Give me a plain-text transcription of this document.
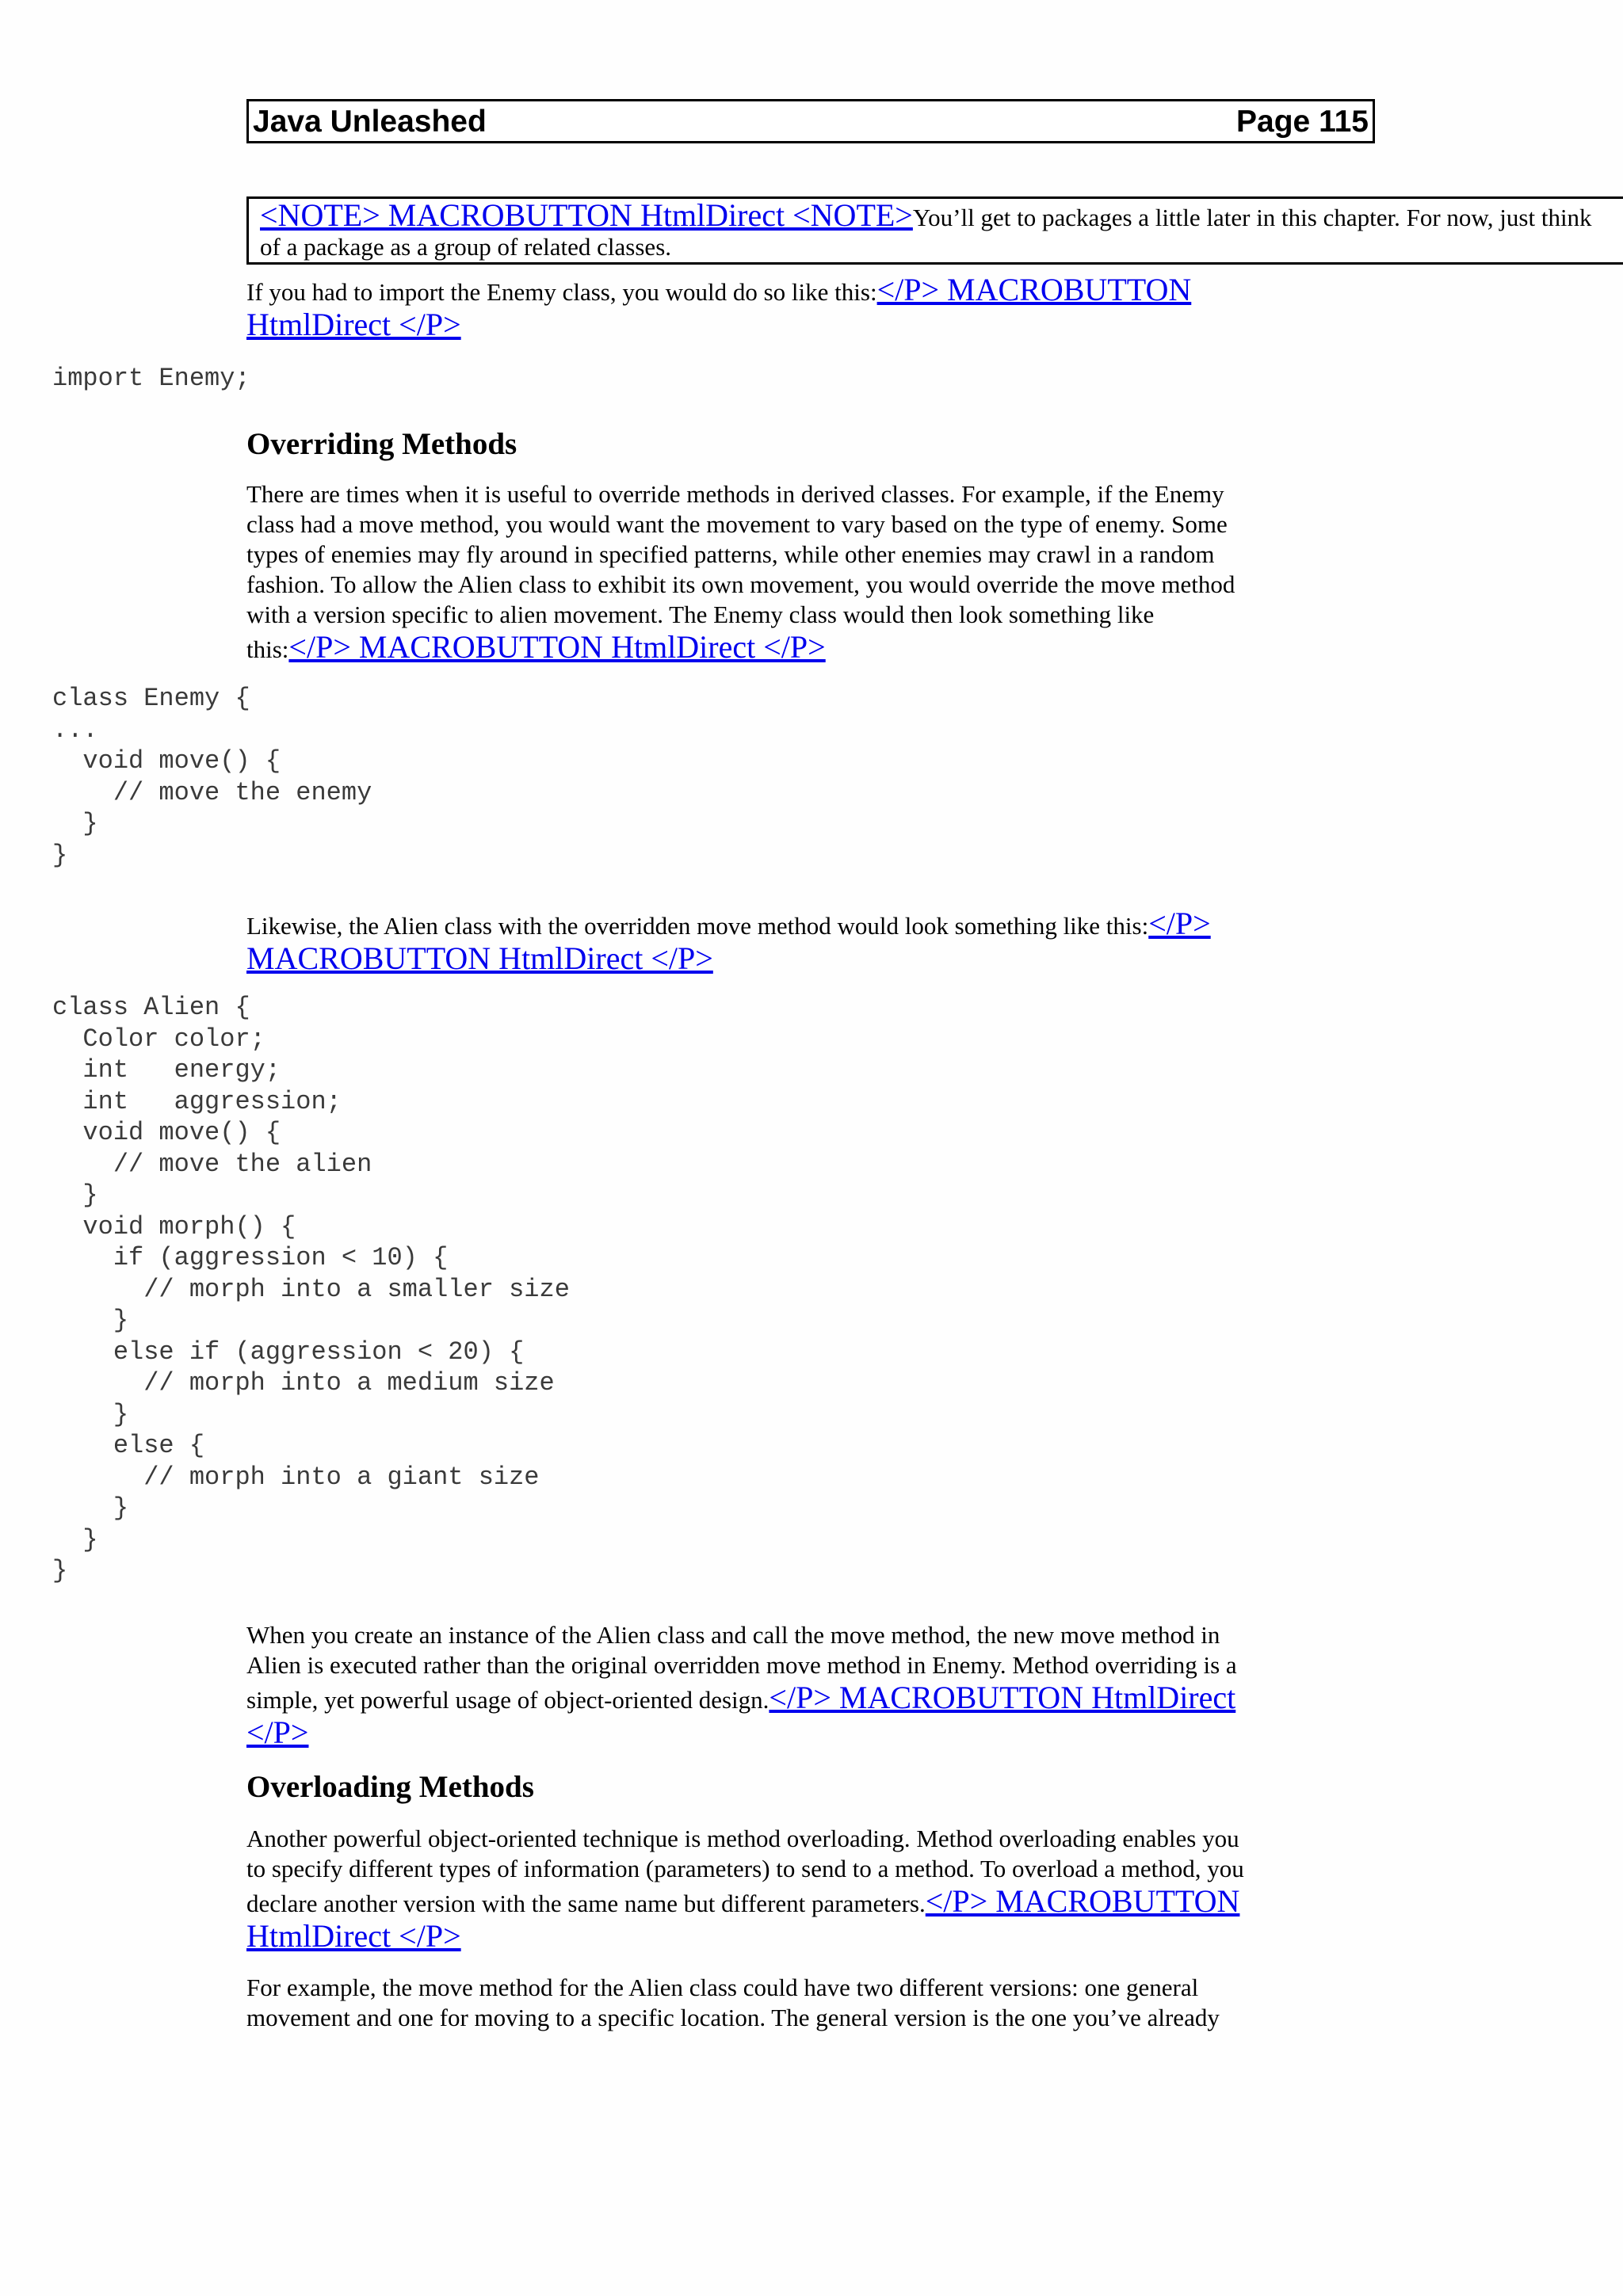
Java Unleashed	Page 115
<NOTE> MACROBUTTON HtmlDirect <NOTE>You’ll get to packages a little later in this chapter. For now, just think
of a package as a group of related classes.
If you had to import the Enemy class, you would do so like this:</P> MACROBUTTON
HtmlDirect </P>
import Enemy;
Overriding Methods
There are times when it is useful to override methods in derived classes. For example, if the Enemy
class had a move method, you would want the movement to vary based on the type of enemy. Some
types of enemies may fly around in specified patterns, while other enemies may crawl in a random
fashion. To allow the Alien class to exhibit its own movement, you would override the move method
with a version specific to alien movement. The Enemy class would then look something like
this:</P> MACROBUTTON HtmlDirect </P>
class Enemy {
...
void move() {
// move the enemy
}
}
Likewise, the Alien class with the overridden move method would look something like this:</P>
MACROBUTTON HtmlDirect </P>
class Alien {
Color color;
int   energy;
int   aggression;
void move() {
// move the alien
}
void morph() {
if (aggression < 10) {
// morph into a smaller size
}
else if (aggression < 20) {
// morph into a medium size
}
else {
// morph into a giant size
}
}
}
When you create an instance of the Alien class and call the move method, the new move method in
Alien is executed rather than the original overridden move method in Enemy. Method overriding is a
simple, yet powerful usage of object-oriented design.</P> MACROBUTTON HtmlDirect
</P>
Overloading Methods
Another powerful object-oriented technique is method overloading. Method overloading enables you
to specify different types of information (parameters) to send to a method. To overload a method, you
declare another version with the same name but different parameters.</P> MACROBUTTON
HtmlDirect </P>
For example, the move method for the Alien class could have two different versions: one general
movement and one for moving to a specific location. The general version is the one you’ve already
